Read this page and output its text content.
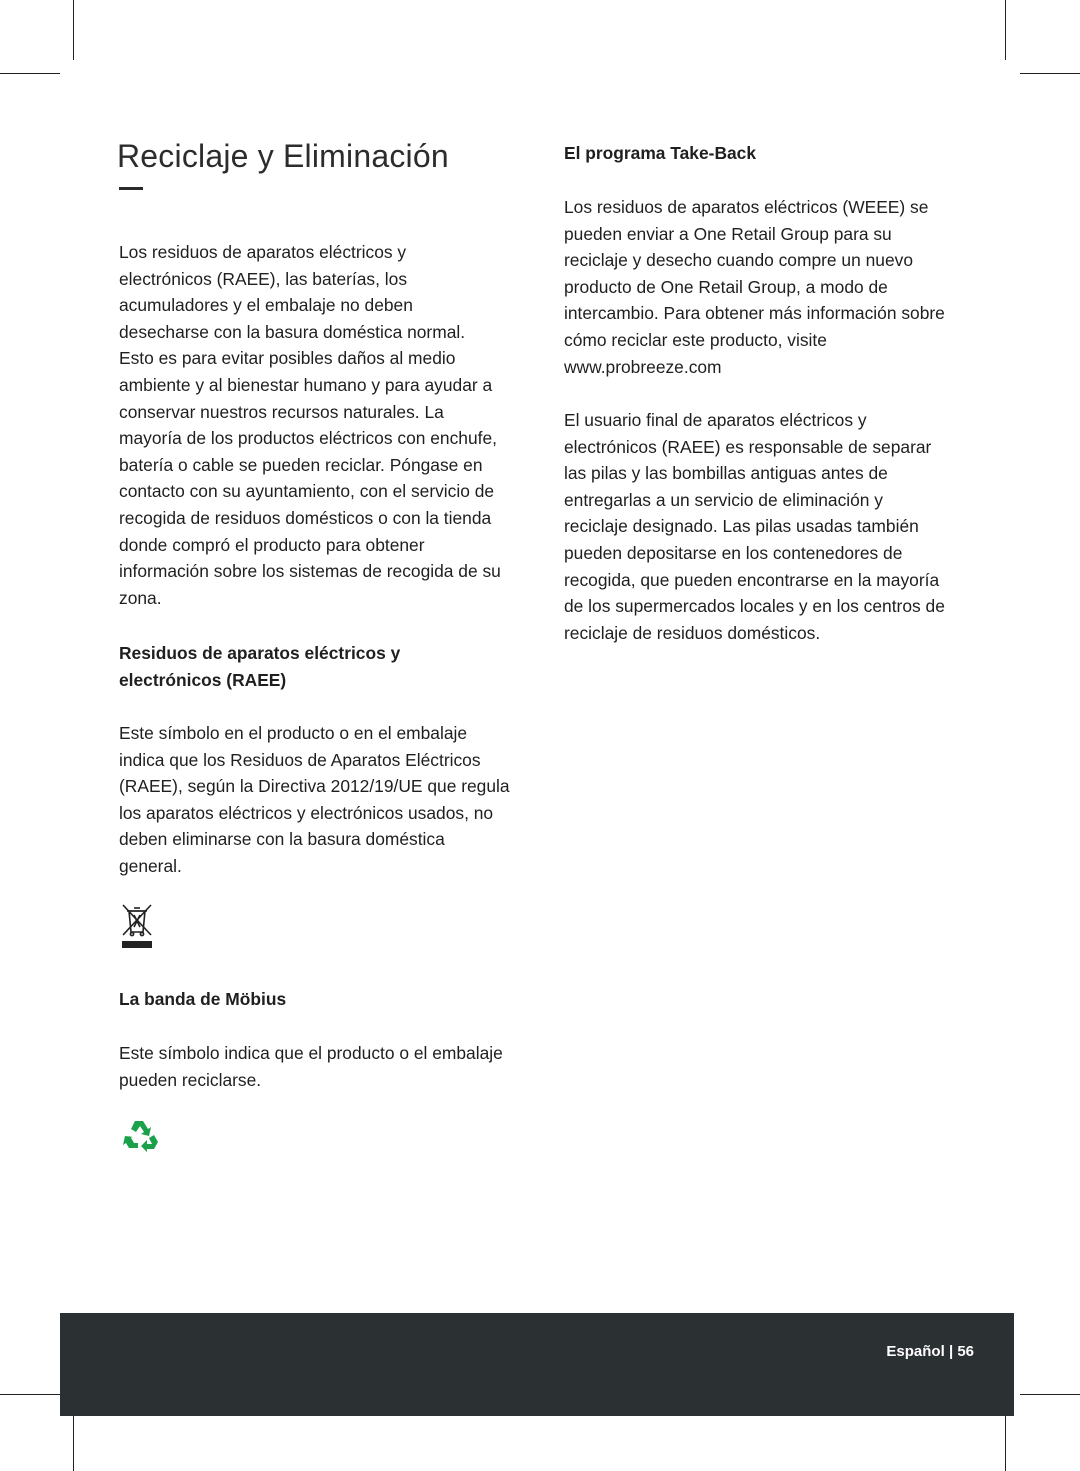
Reciclaje y Eliminación

Los residuos de aparatos eléctricos y

electrónicos (RAEE), las baterías, los

acumuladores y el embalaje no deben

desecharse con la basura doméstica normal.

Esto es para evitar posibles daños al medio

ambiente y al bienestar humano y para ayudar a

conservar nuestros recursos naturales. La

mayoría de los productos eléctricos con enchufe,

batería o cable se pueden reciclar. Póngase en

contacto con su ayuntamiento, con el servicio de

recogida de residuos domésticos o con la tienda

donde compró el producto para obtener

información sobre los sistemas de recogida de su

zona.

Residuos de aparatos eléctricos y

electrónicos (RAEE)

Este símbolo en el producto o en el embalaje

indica que los Residuos de Aparatos Eléctricos

(RAEE), según la Directiva 2012/19/UE que regula

los aparatos eléctricos y electrónicos usados, no

deben eliminarse con la basura doméstica

general.

La banda de Möbius

Este símbolo indica que el producto o el embalaje

pueden reciclarse.

El programa Take-Back

Los residuos de aparatos eléctricos (WEEE) se

pueden enviar a One Retail Group para su

reciclaje y desecho cuando compre un nuevo

producto de One Retail Group, a modo de

intercambio. Para obtener más información sobre

cómo reciclar este producto, visite

www.probreeze.com

El usuario final de aparatos eléctricos y

electrónicos (RAEE) es responsable de separar

las pilas y las bombillas antiguas antes de

entregarlas a un servicio de eliminación y

reciclaje designado. Las pilas usadas también

pueden depositarse en los contenedores de

recogida, que pueden encontrarse en la mayoría

de los supermercados locales y en los centros de

reciclaje de residuos domésticos.

Español | 56
